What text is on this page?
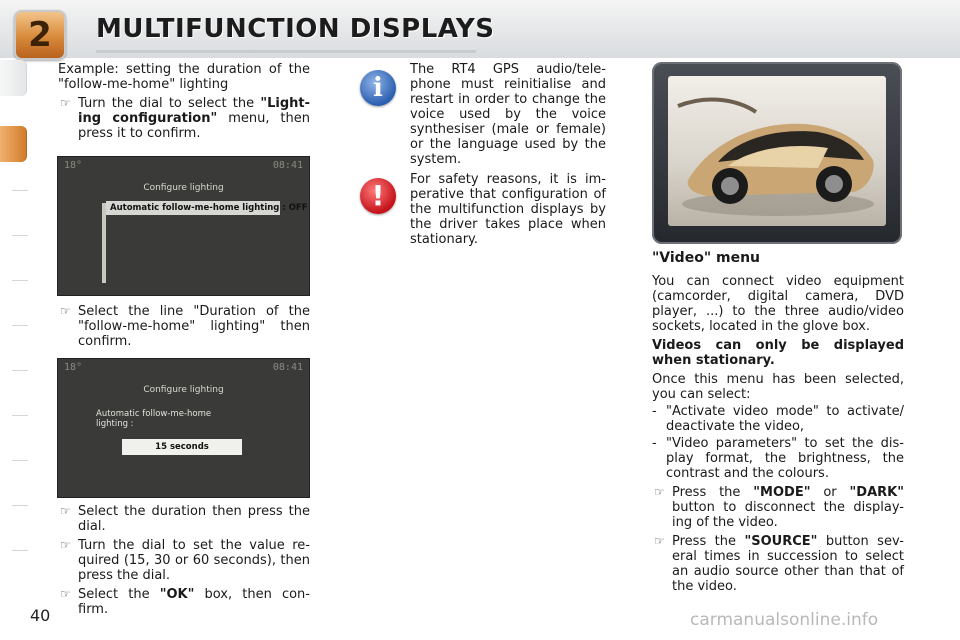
2	MULTIFUNCTION DISPLAYS

Example: setting the duration of the "follow-me-home" lighting

☞ Turn the dial to select the "Light-ing configuration" menu, then press it to confirm.
18°	08:41
Configure lighting
Automatic follow-me-home lighting : OFF
☞ Select the line "Duration of the "follow-me-home" lighting" then confirm.
18°	08:41
Configure lighting
Automatic follow-me-home
lighting :
15 seconds
☞ Select the duration then press the dial.
☞ Turn the dial to set the value re-quired (15, 30 or 60 seconds), then press the dial.
☞ Select the "OK" box, then con-firm.
i

The RT4 GPS audio/tele-phone must reinitialise and restart in order to change the voice used by the voice synthesiser (male or female) or the language used by the system.

!	For safety reasons, it is im-perative that configuration of the multifunction displays by the driver takes place when stationary.

"Video" menu

You can connect video equipment (camcorder, digital camera, DVD player, ...) to the three audio/video sockets, located in the glove box.

Videos can only be displayed when stationary.

Once this menu has been selected, you can select:

- "Activate video mode" to activate/ deactivate the video,
- "Video parameters" to set the dis-play format, the brightness, the contrast and the colours.
☞ Press the "MODE" or "DARK" button to disconnect the display-ing of the video.
☞ Press the "SOURCE" button sev-eral times in succession to select an audio source other than that of the video.
40	carmanualsonline.info
